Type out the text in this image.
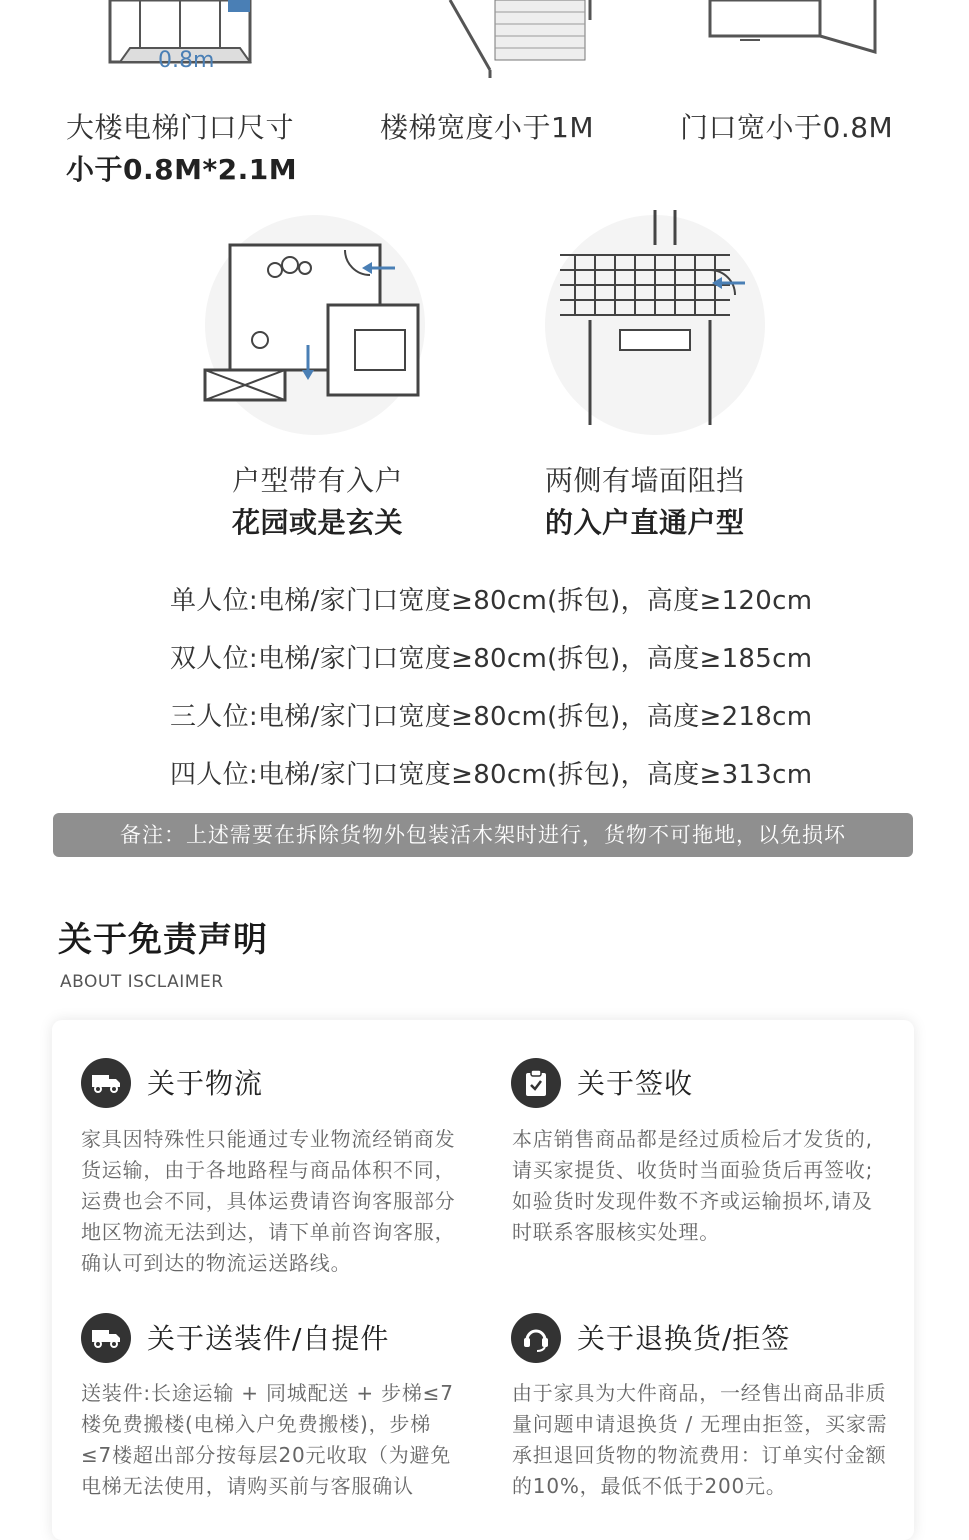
0.8m
大楼电梯门口尺寸
小于0.8M*2.1M
楼梯宽度小于1M	门口宽小于0.8M
户型带有入户
花园或是玄关
两侧有墙面阻挡
的入户直通户型
单人位:电梯/家门口宽度≥80cm(拆包)，高度≥120cm
双人位:电梯/家门口宽度≥80cm(拆包)，高度≥185cm
三人位:电梯/家门口宽度≥80cm(拆包)，高度≥218cm
四人位:电梯/家门口宽度≥80cm(拆包)，高度≥313cm
备注：上述需要在拆除货物外包装活木架时进行，货物不可拖地，以免损坏
关于免责声明
ABOUT ISCLAIMER
关于物流
家具因特殊性只能通过专业物流经销商发货运输，由于各地路程与商品体积不同，运费也会不同，具体运费请咨询客服部分地区物流无法到达，请下单前咨询客服，确认可到达的物流运送路线。
关于签收
本店销售商品都是经过质检后才发货的,请买家提货、收货时当面验货后再签收;如验货时发现件数不齐或运输损坏,请及时联系客服核实处理。
关于送装件/自提件
送装件:长途运输 + 同城配送 + 步梯≤7楼免费搬楼(电梯入户免费搬楼)，步梯≤7楼超出部分按每层20元收取（为避免电梯无法使用，请购买前与客服确认
关于退换货/拒签
由于家具为大件商品，一经售出商品非质量问题申请退换货 / 无理由拒签，买家需承担退回货物的物流费用：订单实付金额的10%，最低不低于200元。
